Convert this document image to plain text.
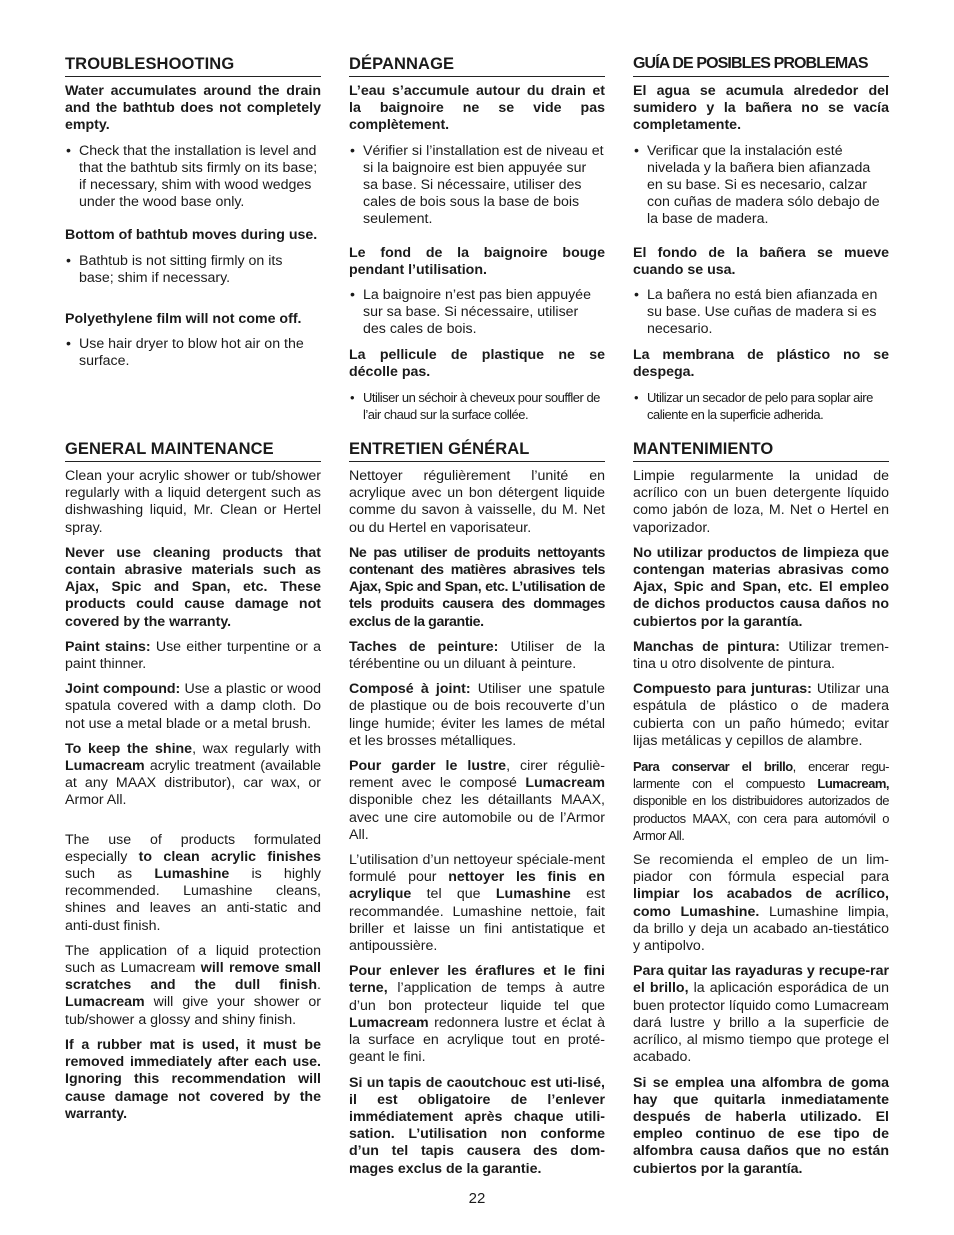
TROUBLESHOOTING

Water accumulates around the drain and the bathtub does not completely empty.

• Check that the installation is level and that the bathtub sits firmly on its base; if necessary, shim with wood wedges under the wood base only.

Bottom of bathtub moves during use.

• Bathtub is not sitting firmly on its base; shim if necessary.

Polyethylene film will not come off.

• Use hair dryer to blow hot air on the surface.
DÉPANNAGE

L’eau s’accumule autour du drain et la baignoire ne se vide pas complètement.

• Vérifier si l’installation est de niveau et si la baignoire est bien appuyée sur sa base. Si nécessaire, utiliser des cales de bois sous la base de bois seulement.

Le fond de la baignoire bouge pendant l’utilisation.

• La baignoire n’est pas bien appuyée sur sa base. Si nécessaire, utiliser des cales de bois.

La pellicule de plastique ne se décolle pas.

• Utiliser un séchoir à cheveux pour souffler de l’air chaud sur la surface collée.
GUÍA DE POSIBLES PROBLEMAS

El agua se acumula alrededor del sumidero y la bañera no se vacía completamente.

• Verificar que la instalación esté nivelada y la bañera bien afianzada en su base. Si es necesario, calzar con cuñas de madera sólo debajo de la base de madera.

El fondo de la bañera se mueve cuando se usa.

• La bañera no está bien afianzada en su base. Use cuñas de madera si es necesario.

La membrana de plástico no se despega.

• Utilizar un secador de pelo para soplar aire caliente en la superficie adherida.
GENERAL MAINTENANCE

Clean your acrylic shower or tub/shower regularly with a liquid detergent such as dishwashing liquid, Mr. Clean or Hertel spray.

Never use cleaning products that contain abrasive materials such as Ajax, Spic and Span, etc. These products could cause damage not covered by the warranty.

Paint stains: Use either turpentine or a paint thinner.

Joint compound: Use a plastic or wood spatula covered with a damp cloth. Do not use a metal blade or a metal brush.

To keep the shine, wax regularly with Lumacream acrylic treatment (available at any MAAX distributor), car wax, or Armor All.

The use of products formulated especially to clean acrylic finishes such as Lumashine is highly recommended. Lumashine cleans, shines and leaves an anti-static and anti-dust finish.

The application of a liquid protection such as Lumacream will remove small scratches and the dull finish. Lumacream will give your shower or tub/shower a glossy and shiny finish.

If a rubber mat is used, it must be removed immediately after each use. Ignoring this recommendation will cause damage not covered by the warranty.

ENTRETIEN GÉNÉRAL

Nettoyer régulièrement l’unité en acrylique avec un bon détergent liquide comme du savon à vaisselle, du M. Net ou du Hertel en vaporisateur.

Ne pas utiliser de produits nettoyants contenant des matières abrasives tels Ajax, Spic and Span, etc. L’utilisation de tels produits causera des dommages exclus de la garantie.

Taches de peinture: Utiliser de la térébentine ou un diluant à peinture.

Composé à joint: Utiliser une spatule de plastique ou de bois recouverte d’un linge humide; éviter les lames de métal et les brosses métalliques.

Pour garder le lustre, cirer réguliè-rement avec le composé Lumacream disponible chez les détaillants MAAX, avec une cire automobile ou de l’Armor All.

L’utilisation d’un nettoyeur spéciale-ment formulé pour nettoyer les finis en acrylique tel que Lumashine est recommandée. Lumashine nettoie, fait briller et laisse un fini antistatique et antipoussière.

Pour enlever les éraflures et le fini terne, l’application de temps à autre d’un bon protecteur liquide tel que Lumacream redonnera lustre et éclat à la surface en acrylique tout en proté-geant le fini.

Si un tapis de caoutchouc est uti-lisé, il est obligatoire de l’enlever immédiatement après chaque utili-sation. L’utilisation non conforme d’un tel tapis causera des dom-mages exclus de la garantie.

MANTENIMIENTO

Limpie regularmente la unidad de acrílico con un buen detergente líquido como jabón de loza, M. Net o Hertel en vaporizador.

No utilizar productos de limpieza que contengan materias abrasivas como Ajax, Spic and Span, etc. El empleo de dichos productos causa daños no cubiertos por la garantía.

Manchas de pintura: Utilizar tremen-tina u otro disolvente de pintura.

Compuesto para junturas: Utilizar una espátula de plástico o de madera cubierta con un paño húmedo; evitar lijas metálicas y cepillos de alambre.

Para conservar el brillo, encerar regu-larmente con el compuesto Lumacream, disponible en los distribuidores autorizados de productos MAAX, con cera para automóvil o Armor All.

Se recomienda el empleo de un lim-piador con fórmula especial para limpiar los acabados de acrílico, como Lumashine. Lumashine limpia, da brillo y deja un acabado an-tiestático y antipolvo.

Para quitar las rayaduras y recupe-rar el brillo, la aplicación esporádica de un buen protector líquido como Lumacream dará lustre y brillo a la superficie de acrílico, al mismo tiempo que protege el acabado.

Si se emplea una alfombra de goma hay que quitarla inmediatamente después de haberla utilizado. El empleo continuo de ese tipo de alfombra causa daños que no están cubiertos por la garantía.

22
